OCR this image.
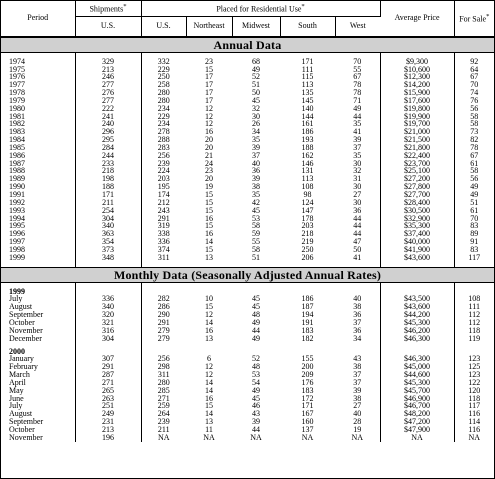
Period	Shipments*	Placed for Residential Use*					Average Price	For Sale*
	U.S.	U.S.	Northeast	Midwest	South	West		
Annual Data

1974	329	332	23	68	171	70	$9,300	92
1975	213	229	15	49	111	55	$10,600	64
1976	246	250	17	52	115	67	$12,300	67
1977	277	258	17	51	113	78	$14,200	70
1978	276	280	17	50	135	78	$15,900	74
1979	277	280	17	45	145	71	$17,600	76
1980	222	234	12	32	140	49	$19,800	56
1981	241	229	12	30	144	44	$19,900	58
1982	240	234	12	26	161	35	$19,700	58
1983	296	278	16	34	186	41	$21,000	73
1984	295	288	20	35	193	39	$21,500	82
1985	284	283	20	39	188	37	$21,800	78
1986	244	256	21	37	162	35	$22,400	67
1987	233	239	24	40	146	30	$23,700	61
1988	218	224	23	36	131	32	$25,100	58
1989	198	203	20	39	113	31	$27,200	56
1990	188	195	19	38	108	30	$27,800	49
1991	171	174	15	35	98	27	$27,700	49
1992	211	212	15	42	124	30	$28,400	51
1993	254	243	15	45	147	36	$30,500	61
1994	304	291	16	53	178	44	$32,900	70
1995	340	319	15	58	203	44	$35,300	83
1996	363	338	16	59	218	44	$37,400	89
1997	354	336	14	55	219	47	$40,000	91
1998	373	374	15	58	250	50	$41,900	83
1999	348	311	13	51	206	41	$43,600	117

Monthly Data (Seasonally Adjusted Annual Rates)

1999								
July	336	282	10	45	186	40	$43,500	108
August	340	286	15	45	187	38	$43,600	111
September	320	290	12	48	194	36	$44,200	112
October	321	291	14	49	191	37	$45,300	112
November	316	279	16	44	183	36	$46,200	118
December	304	279	13	49	182	34	$46,300	119

2000								
January	307	256	6	52	155	43	$46,300	123
February	291	298	12	48	200	38	$45,000	125
March	287	311	12	53	209	37	$44,600	123
April	271	280	14	54	176	37	$45,300	122
May	265	285	14	49	183	39	$45,700	120
June	263	271	16	45	172	38	$46,900	118
July	251	259	15	46	171	27	$46,700	117
August	249	264	14	43	167	40	$48,200	116
September	231	239	13	39	160	28	$47,200	114
October	213	211	11	44	137	19	$47,900	116
November	196	NA	NA	NA	NA	NA	NA	NA
